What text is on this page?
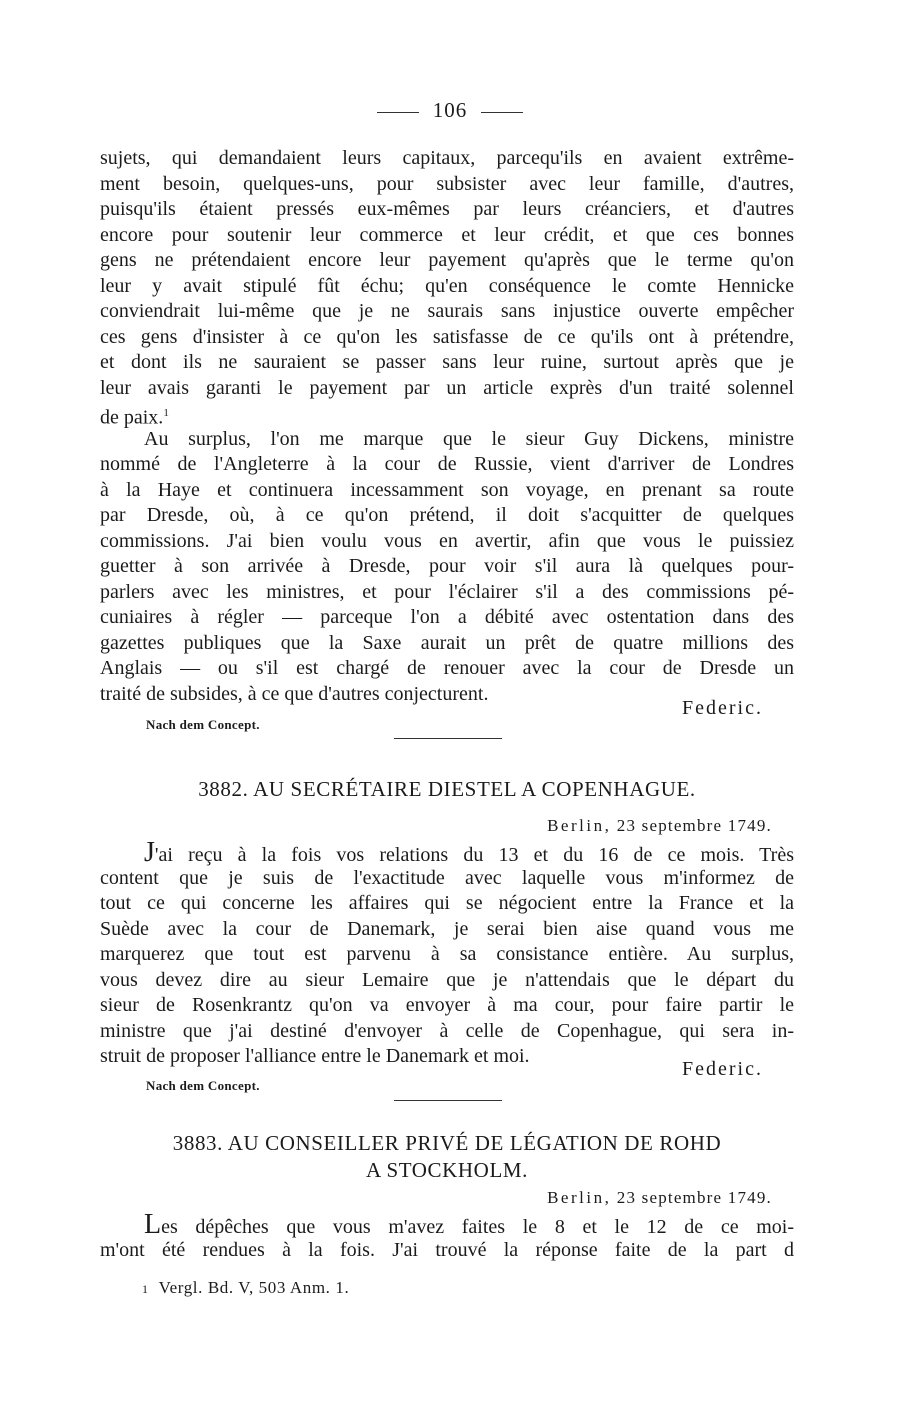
106
sujets, qui demandaient leurs capitaux, parcequ'ils en avaient extrême-
ment besoin, quelques-uns, pour subsister avec leur famille, d'autres,
puisqu'ils étaient pressés eux-mêmes par leurs créanciers, et d'autres
encore pour soutenir leur commerce et leur crédit, et que ces bonnes
gens ne prétendaient encore leur payement qu'après que le terme qu'on
leur y avait stipulé fût échu; qu'en conséquence le comte Hennicke
conviendrait lui-même que je ne saurais sans injustice ouverte empêcher
ces gens d'insister à ce qu'on les satisfasse de ce qu'ils ont à prétendre,
et dont ils ne sauraient se passer sans leur ruine, surtout après que je
leur avais garanti le payement par un article exprès d'un traité solennel
de paix.$^1$
Au surplus, l'on me marque que le sieur Guy Dickens, ministre
nommé de l'Angleterre à la cour de Russie, vient d'arriver de Londres
à la Haye et continuera incessamment son voyage, en prenant sa route
par Dresde, où, à ce qu'on prétend, il doit s'acquitter de quelques
commissions. J'ai bien voulu vous en avertir, afin que vous le puissiez
guetter à son arrivée à Dresde, pour voir s'il aura là quelques pour-
parlers avec les ministres, et pour l'éclairer s'il a des commissions pé-
cuniaires à régler — parceque l'on a débité avec ostentation dans des
gazettes publiques que la Saxe aurait un prêt de quatre millions des
Anglais — ou s'il est chargé de renouer avec la cour de Dresde un
traité de subsides, à ce que d'autres conjecturent.
Federic.
Nach dem Concept.
3882. AU SECRÉTAIRE DIESTEL A COPENHAGUE.
Berlin, 23 septembre 1749.
J'ai reçu à la fois vos relations du 13 et du 16 de ce mois. Très
content que je suis de l'exactitude avec laquelle vous m'informez de
tout ce qui concerne les affaires qui se négocient entre la France et la
Suède avec la cour de Danemark, je serai bien aise quand vous me
marquerez que tout est parvenu à sa consistance entière. Au surplus,
vous devez dire au sieur Lemaire que je n'attendais que le départ du
sieur de Rosenkrantz qu'on va envoyer à ma cour, pour faire partir le
ministre que j'ai destiné d'envoyer à celle de Copenhague, qui sera in-
struit de proposer l'alliance entre le Danemark et moi.
Federic.
Nach dem Concept.
3883. AU CONSEILLER PRIVÉ DE LÉGATION DE ROHD
A STOCKHOLM.
Berlin, 23 septembre 1749.
Les dépêches que vous m'avez faites le 8 et le 12 de ce moi-
m'ont été rendues à la fois. J'ai trouvé la réponse faite de la part d
1 Vergl. Bd. V, 503 Anm. 1.
